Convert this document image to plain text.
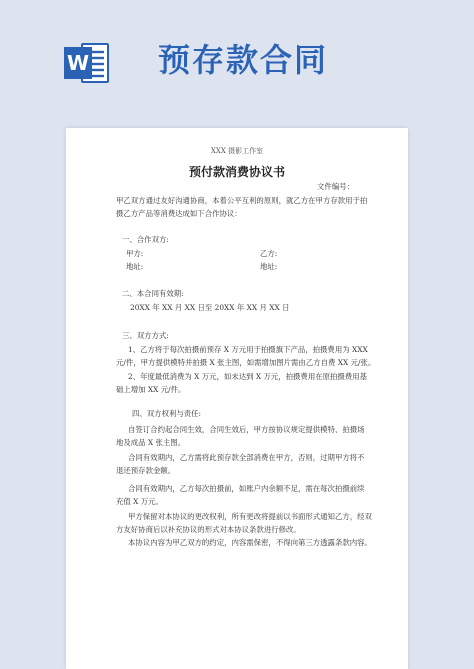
W 预存款合同
XXX 摄影工作室
预付款消费协议书
文件编号：
甲乙双方通过友好沟通协商，本着公平互利的原则，就乙方在甲方存款用于拍
摄乙方产品等消费达成如下合作协议：
一、合作双方:
甲方:	乙方:
地址:	地址:
二、本合同有效期:
20XX 年 XX 月 XX 日至 20XX 年 XX 月 XX 日
三、双方方式:
1、乙方将于每次拍摄前预存 X 万元用于拍摄旗下产品，拍摄费用为 XXX
元/件，甲方提供模特并拍摄 X 张主图，如需增加图片需由乙方自费 XX 元/张。
2、年度最低消费为 X 万元，如未达到 X 万元，拍摄费用在原拍摄费用基
础上增加 XX 元/件。
四、双方权利与责任:
自签订合约起合同生效，合同生效后，甲方按协议规定提供模特、拍摄场
地及成品 X 张主图。
合同有效期内，乙方需将此预存款全部消费在甲方，否则，过期甲方将不
退还预存款金额。
合同有效期内，乙方每次拍摄前，如账户内余额不足，需在每次拍摄前续
充值 X 万元。
甲方保留对本协议的更改权利，所有更改将提前以书面形式通知乙方，经双
方友好协商后以补充协议的形式对本协议条款进行修改。
本协议内容为甲乙双方的约定，内容需保密，不得向第三方透露条款内容。
